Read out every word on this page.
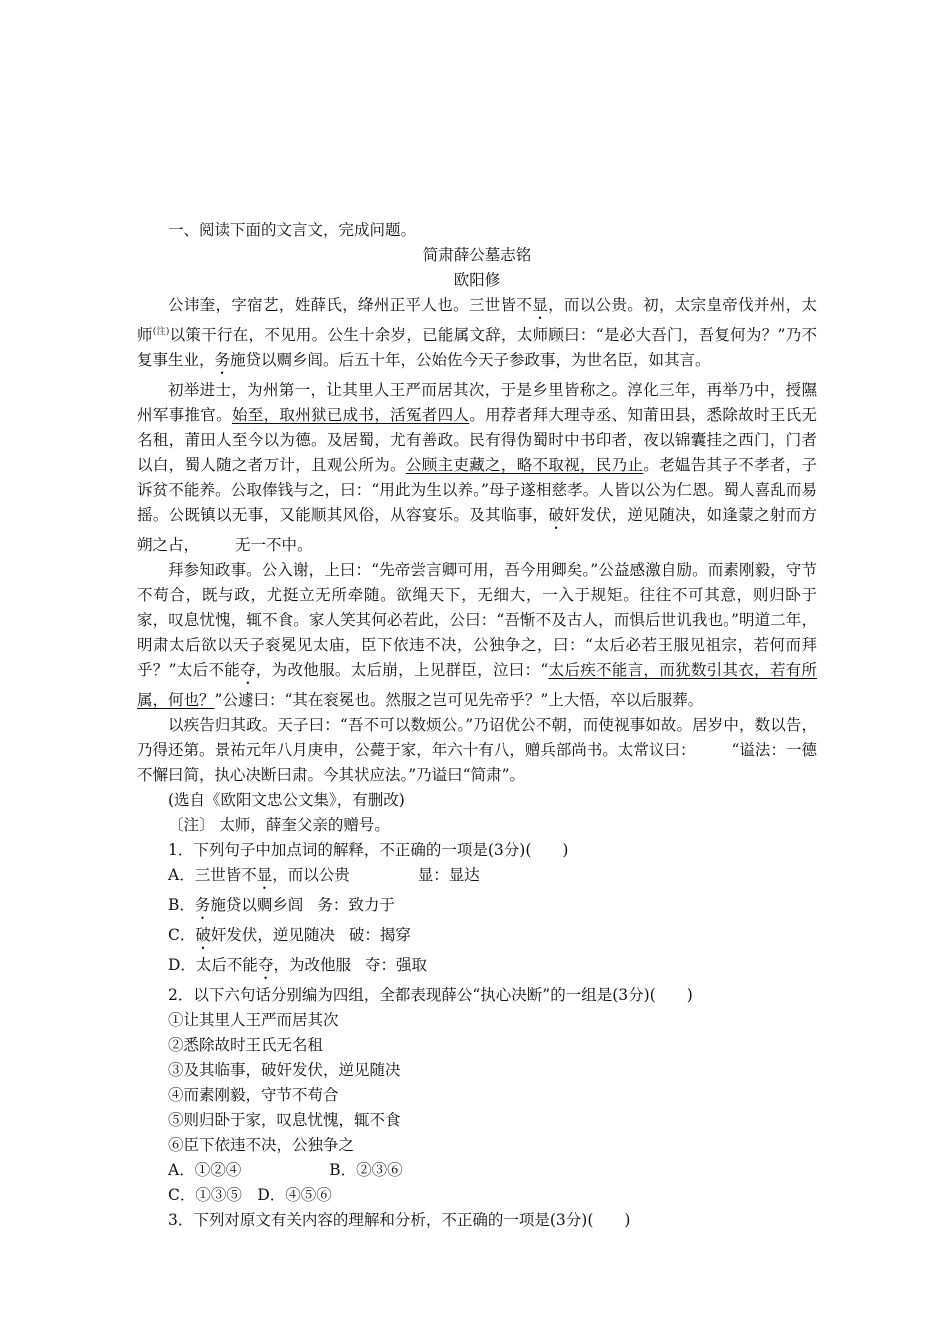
一、阅读下面的文言文，完成问题。
简肃薛公墓志铭
欧阳修
公讳奎，字宿艺，姓薛氏，绛州正平人也。三世皆不显，而以公贵。初，太宗皇帝伐并州，太师$^{(注)}$以策干行在，不见用。公生十余岁，已能属文辞，太师顾曰：“是必大吾门，吾复何为？”乃不复事生业，务施贷以赒乡闾。后五十年，公始佐今天子参政事，为世名臣，如其言。
初举进士，为州第一，让其里人王严而居其次，于是乡里皆称之。淳化三年，再举乃中，授隰州军事推官。始至，取州狱已成书，活冤者四人。用荐者拜大理寺丞、知莆田县，悉除故时王氏无名租，莆田人至今以为德。及居蜀，尤有善政。民有得伪蜀时中书印者，夜以锦囊挂之西门，门者以白，蜀人随之者万计，且观公所为。公顾主吏藏之，略不取视，民乃止。老媪告其子不孝者，子诉贫不能养。公取俸钱与之，曰：“用此为生以养。”母子遂相慈孝。人皆以公为仁恩。蜀人喜乱而易摇。公既镇以无事，又能顺其风俗，从容宴乐。及其临事，破奸发伏，逆见随决，如逢蒙之射而方朔之占， 无一不中。
拜参知政事。公入谢，上曰：“先帝尝言卿可用，吾今用卿矣。”公益感激自励。而素刚毅，守节不苟合，既与政，尤挺立无所牵随。欲绳天下，无细大，一入于规矩。往往不可其意，则归卧于家，叹息忧愧，辄不食。家人笑其何必若此，公曰：“吾惭不及古人，而惧后世讥我也。”明道二年，明肃太后欲以天子衮冕见太庙，臣下依违不决，公独争之，曰：“太后必若王服见祖宗，若何而拜乎？”太后不能夺，为改他服。太后崩，上见群臣，泣曰：“太后疾不能言，而犹数引其衣，若有所属，何也？”公遽曰：“其在衮冕也。然服之岂可见先帝乎？”上大悟，卒以后服葬。
以疾告归其政。天子曰：“吾不可以数烦公。”乃诏优公不朝，而使视事如故。居岁中，数以告，乃得还第。景祐元年八月庚申，公薨于家，年六十有八，赠兵部尚书。太常议曰： “谥法：一德不懈曰简，执心决断曰肃。今其状应法。”乃谥曰“简肃”。
(选自《欧阳文忠公文集》，有删改)
〔注〕 太师，薛奎父亲的赠号。
1．下列句子中加点词的解释，不正确的一项是(3分)(　　)
A．三世皆不显，而以公贵	显：显达
B．务施贷以赒乡闾 务：致力于
C．破奸发伏，逆见随决 破：揭穿
D．太后不能夺，为改他服 夺：强取
2．以下六句话分别编为四组，全都表现薛公“执心决断”的一组是(3分)(　　)
①让其里人王严而居其次
②悉除故时王氏无名租
③及其临事，破奸发伏，逆见随决
④而素刚毅，守节不苟合
⑤则归卧于家，叹息忧愧，辄不食
⑥臣下依违不决，公独争之
A．①②④	B．②③⑥
C．①③⑤　D．④⑤⑥
3．下列对原文有关内容的理解和分析，不正确的一项是(3分)(　　)
